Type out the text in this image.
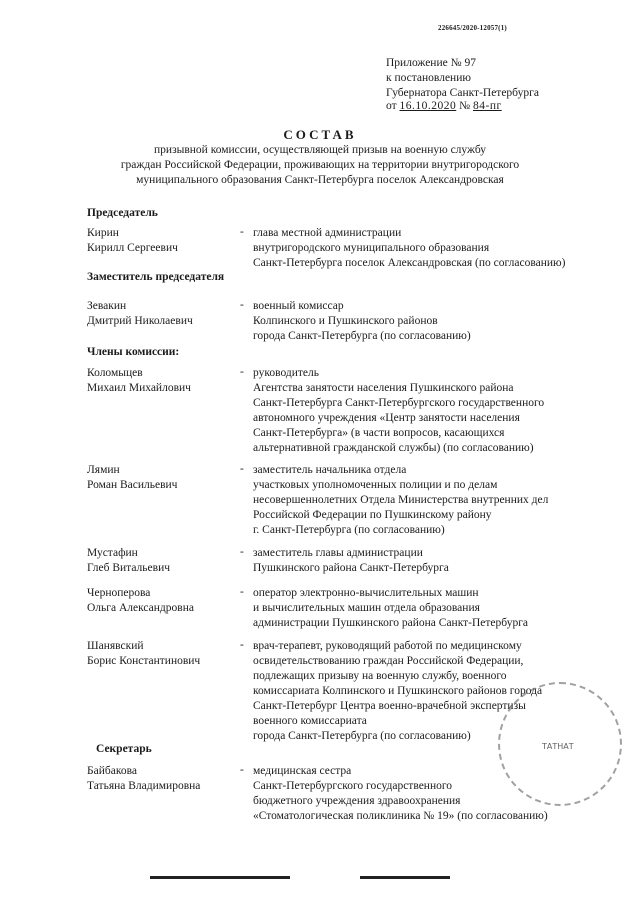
226645/2020-12057(1)
Приложение № 97
к постановлению
Губернатора Санкт-Петербурга
от 16.10.2020 № 84-пг
СОСТАВ
призывной комиссии, осуществляющей призыв на военную службу
граждан Российской Федерации, проживающих на территории внутригородского
муниципального образования Санкт-Петербурга поселок Александровская
Председатель
Кирин
Кирилл Сергеевич
- глава местной администрации
внутригородского муниципального образования
Санкт-Петербурга поселок Александровская (по согласованию)
Заместитель председателя
Зевакин
Дмитрий Николаевич
- военный комиссар
Колпинского и Пушкинского районов
города Санкт-Петербурга (по согласованию)
Члены комиссии:
Коломыцев
Михаил Михайлович
- руководитель
Агентства занятости населения Пушкинского района
Санкт-Петербурга Санкт-Петербургского государственного
автономного учреждения «Центр занятости населения
Санкт-Петербурга» (в части вопросов, касающихся
альтернативной гражданской службы) (по согласованию)
Лямин
Роман Васильевич
- заместитель начальника отдела
участковых уполномоченных полиции и по делам
несовершеннолетних Отдела Министерства внутренних дел
Российской Федерации по Пушкинскому району
г. Санкт-Петербурга (по согласованию)
Мустафин
Глеб Витальевич
- заместитель главы администрации
Пушкинского района Санкт-Петербурга
Черноперова
Ольга Александровна
- оператор электронно-вычислительных машин
и вычислительных машин отдела образования
администрации Пушкинского района Санкт-Петербурга
Шанявский
Борис Константинович
- врач-терапевт, руководящий работой по медицинскому
освидетельствованию граждан Российской Федерации,
подлежащих призыву на военную службу, военного
комиссариата Колпинского и Пушкинского районов города
Санкт-Петербург Центра военно-врачебной экспертизы
военного комиссариата
города Санкт-Петербурга (по согласованию)
Секретарь
Байбакова
Татьяна Владимировна
- медицинская сестра
Санкт-Петербургского государственного
бюджетного учреждения здравоохранения
«Стоматологическая поликлиника № 19» (по согласованию)
ТАТНАТ
